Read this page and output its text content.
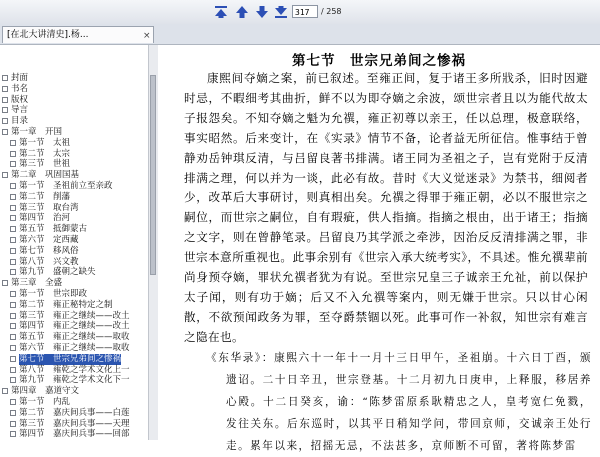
317	/ 258
[在北大讲清史].杨...	×
封面
书名
版权
导言
目录
第一章　开国
第一节　太祖
第二节　太宗
第三节　世祖
第二章　巩固国基
第一节　圣祖前立至亲政
第二节　削藩
第三节　取台湾
第四节　治河
第五节　抵御蒙古
第六节　定西藏
第七节　移风俗
第八节　兴文教
第九节　盛朝之缺失
第三章　全盛
第一节　世宗即政
第二节　雍正秘特定之制
第三节　雍正之继续——改土
第四节　雍正之继续——改土
第五节　雍正之继续——取收
第六节　雍正之继续——取收
第七节　世宗兄弟间之惨祸
第八节　雍乾之学术文化上一
第九节　雍乾之学术文化下一
第四章　嘉道守文
第一节　内乱
第二节　嘉庆间兵事——白莲
第三节　嘉庆间兵事——天理
第四节　嘉庆间兵事——回部
第七节　世宗兄弟间之惨祸
康熙间夺嫡之案，前已叙述。至雍正间，复于诸王多所戕杀，旧时因避时忌，不暇细考其曲折，鲜不以为即夺嫡之余波，颂世宗者且以为能代故太子报怨矣。不知夺嫡之魁为允禩，雍正初尊以亲王，任以总理，极意联络，事实昭然。后来变计，在《实录》情节不备，论者益无所征信。惟事结于曾静劝岳钟琪反清，与吕留良著书排满。诸王同为圣祖之子，岂有党附于反清排满之理，何以并为一谈，此必有故。昔时《大义觉迷录》为禁书，细阅者少，改革后大事研讨，则真相出矣。允禩之得罪于雍正朝，必以不服世宗之嗣位，而世宗之嗣位，自有瑕疵，供人指摘。指摘之根由，出于诸王；指摘之文字，则在曾静笔录。吕留良乃其学派之牵涉，因治反反清排满之罪，非世宗本意所重视也。此事余别有《世宗入承大统考实》，不具述。惟允禩辈前尚身预夺嫡，罪状允禩者犹为有说。至世宗兄皇三子诚亲王允祉，前以保护太子闻，则有功于嫡；后又不入允禩等案内，则无嫌于世宗。只以甘心闲散，不欲预闻政务为罪，至夺爵禁锢以死。此事可作一补叙，知世宗有难言之隐在也。
《东华录》：康熙六十一年十一月十三日甲午，圣祖崩。十六日丁酉，颁遗诏。二十日辛丑，世宗登基。十二月初九日庚申，上释服，移居养心殿。十二日癸亥，谕：“陈梦雷原系耿精忠之人，皇考宽仁免戮，发往关东。后东巡时，以其平日稍知学问，带回京师，交诚亲王处行走。累年以来，招摇无忌，不法甚多，京师断不可留，著将陈梦雷
